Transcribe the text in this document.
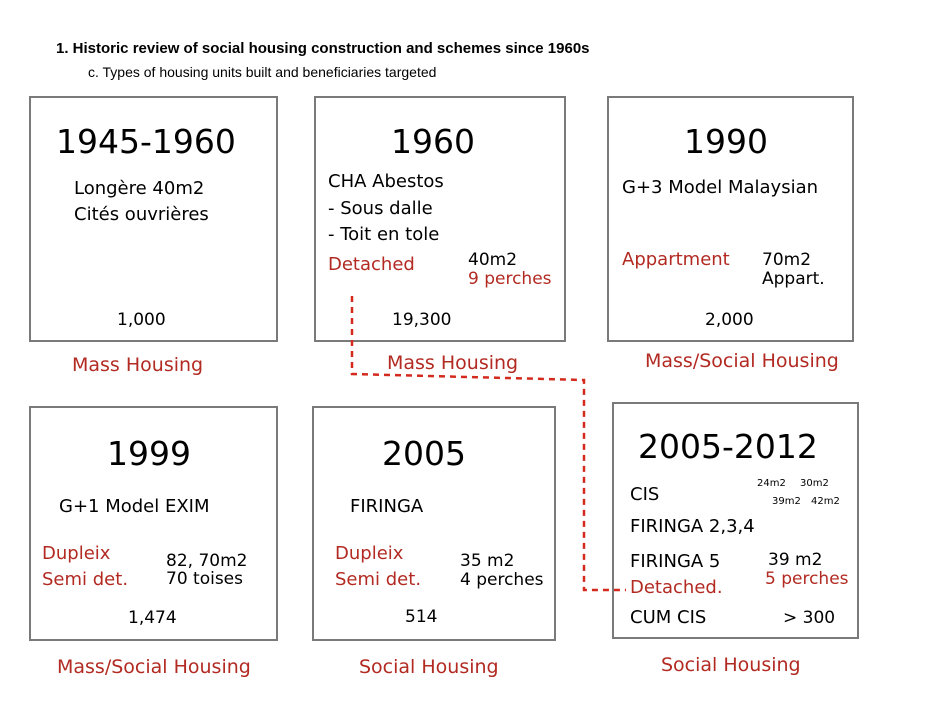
1. Historic review of social housing construction and schemes since 1960s
c. Types of housing units built and beneficiaries targeted
1945-1960
Longère 40m2
Cités ouvrières
1,000
Mass Housing
1960
CHA Abestos
- Sous dalle
- Toit en tole
Detached	40m2
9 perches
19,300
Mass Housing
1990
G+3 Model Malaysian
Appartment 70m2
Appart.
2,000
Mass/Social Housing
1999
G+1 Model EXIM
Dupleix
Semi det.
82, 70m2
70 toises
1,474
Mass/Social Housing
2005
FIRINGA
Dupleix
Semi det.
35 m2
4 perches
514
Social Housing
2005-2012
CIS
24m2 30m2
39m2 42m2
FIRINGA 2,3,4
FIRINGA 5	39 m2
Detached. 5 perches
CUM CIS	> 300
Social Housing
